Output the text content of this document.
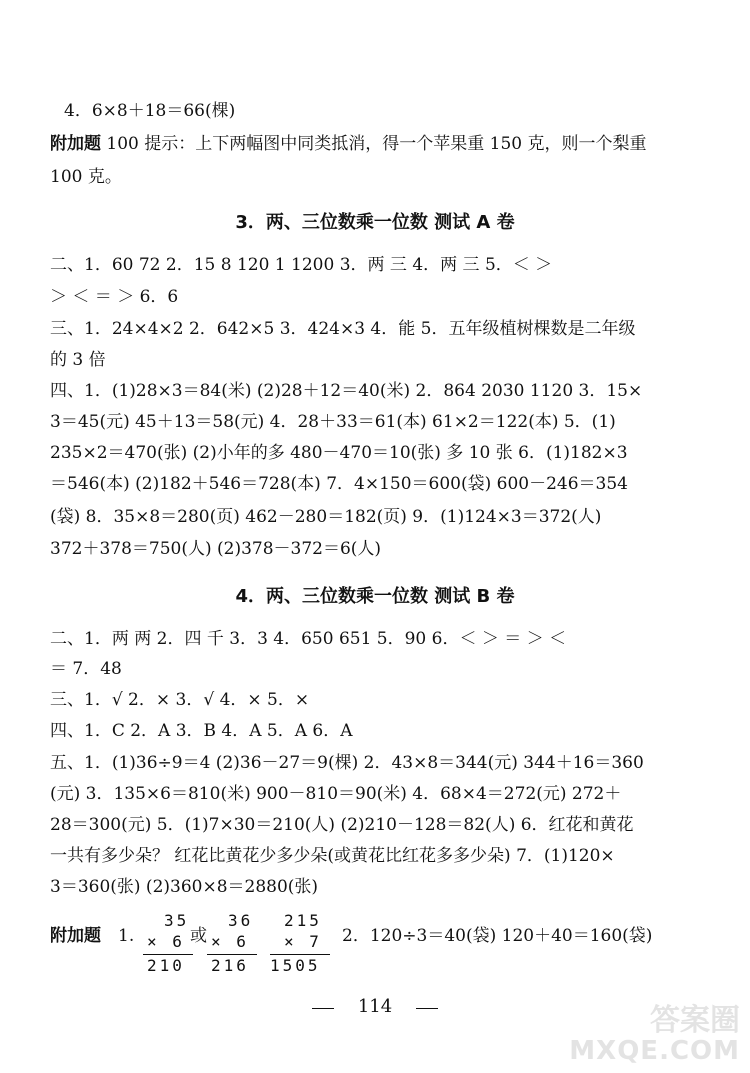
4．6×8＋18＝66(棵)
附加题 100 提示：上下两幅图中同类抵消，得一个苹果重 150 克，则一个梨重
100 克。
3．两、三位数乘一位数 测试 A 卷
二、1．60 72 2．15 8 120 1 1200 3．两 三 4．两 三 5．＜ ＞
＞ ＜ ＝ ＞ 6．6
三、1．24×4×2 2．642×5 3．424×3 4．能 5．五年级植树棵数是二年级
的 3 倍
四、1．(1)28×3＝84(米) (2)28＋12＝40(米) 2．864 2030 1120 3．15×
3＝45(元) 45＋13＝58(元) 4．28＋33＝61(本) 61×2＝122(本) 5．(1)
235×2＝470(张) (2)小年的多 480－470＝10(张) 多 10 张 6．(1)182×3
＝546(本) (2)182＋546＝728(本) 7．4×150＝600(袋) 600－246＝354
(袋) 8．35×8＝280(页) 462－280＝182(页) 9．(1)124×3＝372(人)
372＋378＝750(人) (2)378－372＝6(人)
4．两、三位数乘一位数 测试 B 卷
二、1．两 两 2．四 千 3．3 4．650 651 5．90 6．＜ ＞ ＝ ＞ ＜
＝ 7．48
三、1．√ 2．× 3．√ 4．× 5．×
四、1．C 2．A 3．B 4．A 5．A 6．A
五、1．(1)36÷9＝4 (2)36－27＝9(棵) 2．43×8＝344(元) 344＋16＝360
(元) 3．135×6＝810(米) 900－810＝90(米) 4．68×4＝272(元) 272＋
28＝300(元) 5．(1)7×30＝210(人) (2)210－128＝82(人) 6．红花和黄花
一共有多少朵？ 红花比黄花少多少朵(或黄花比红花多多少朵) 7．(1)120×
3＝360(张) (2)360×8＝2880(张)
附加题 1.
35
× 6
210
或
36
× 6
216
215
× 7
1505
2．120÷3＝40(袋) 120＋40＝160(袋)
114	答案圈
MXQE.COM
